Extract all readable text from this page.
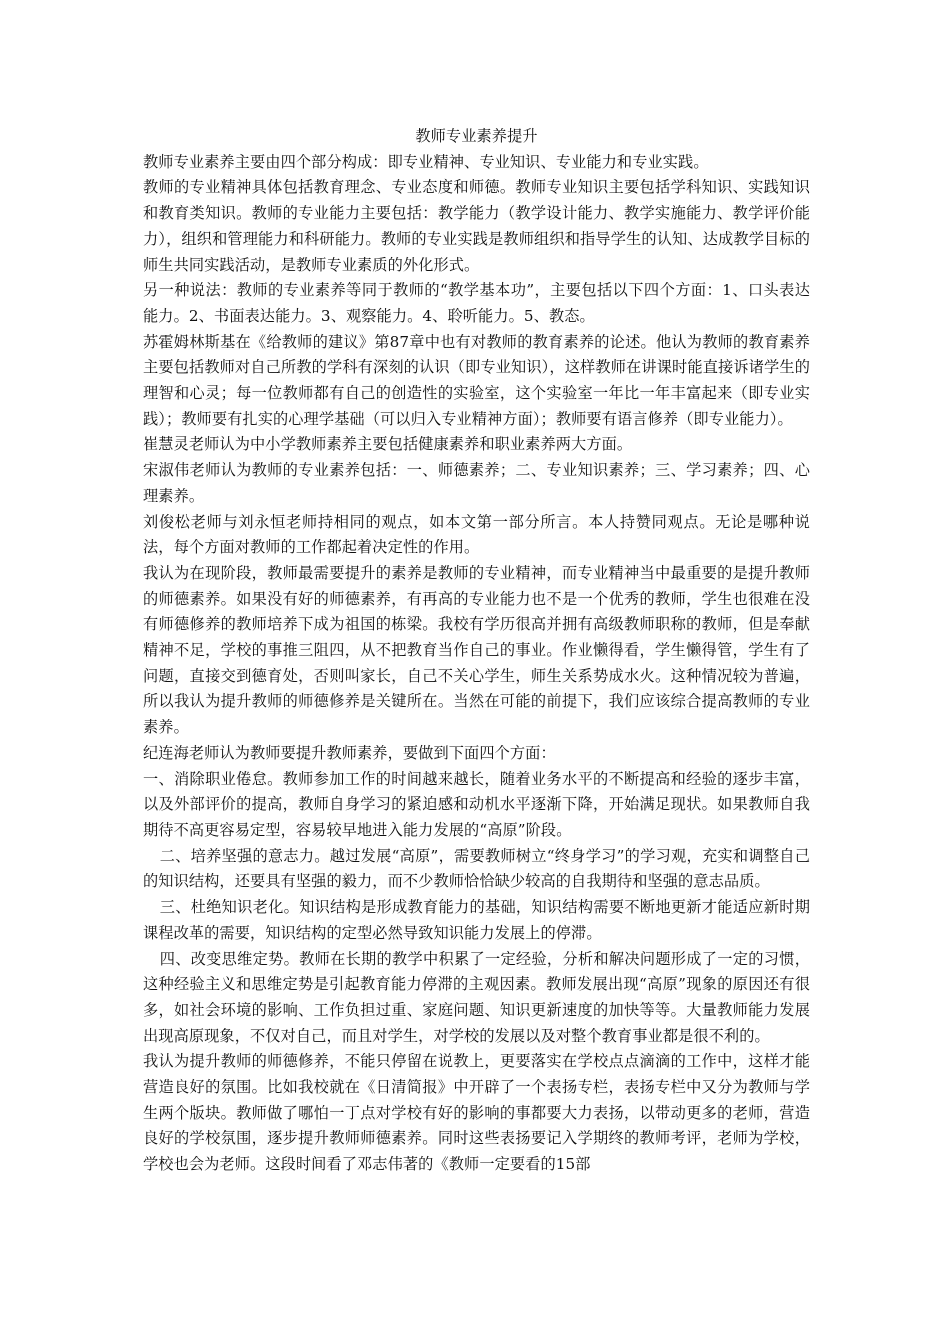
教师专业素养提升

教师专业素养主要由四个部分构成：即专业精神、专业知识、专业能力和专业实践。

教师的专业精神具体包括教育理念、专业态度和师德。教师专业知识主要包括学科知识、实践知识和教育类知识。教师的专业能力主要包括：教学能力（教学设计能力、教学实施能力、教学评价能力），组织和管理能力和科研能力。教师的专业实践是教师组织和指导学生的认知、达成教学目标的师生共同实践活动，是教师专业素质的外化形式。

另一种说法：教师的专业素养等同于教师的“教学基本功”，主要包括以下四个方面：1、口头表达能力。2、书面表达能力。3、观察能力。4、聆听能力。5、教态。

苏霍姆林斯基在《给教师的建议》第87章中也有对教师的教育素养的论述。他认为教师的教育素养主要包括教师对自己所教的学科有深刻的认识（即专业知识），这样教师在讲课时能直接诉诸学生的理智和心灵；每一位教师都有自己的创造性的实验室，这个实验室一年比一年丰富起来（即专业实践）；教师要有扎实的心理学基础（可以归入专业精神方面）；教师要有语言修养（即专业能力）。

崔慧灵老师认为中小学教师素养主要包括健康素养和职业素养两大方面。

宋淑伟老师认为教师的专业素养包括：一、师德素养；二、专业知识素养；三、学习素养；四、心理素养。

刘俊松老师与刘永恒老师持相同的观点，如本文第一部分所言。本人持赞同观点。无论是哪种说法，每个方面对教师的工作都起着决定性的作用。

我认为在现阶段，教师最需要提升的素养是教师的专业精神，而专业精神当中最重要的是提升教师的师德素养。如果没有好的师德素养，有再高的专业能力也不是一个优秀的教师，学生也很难在没有师德修养的教师培养下成为祖国的栋梁。我校有学历很高并拥有高级教师职称的教师，但是奉献精神不足，学校的事推三阻四，从不把教育当作自己的事业。作业懒得看，学生懒得管，学生有了问题，直接交到德育处，否则叫家长，自己不关心学生，师生关系势成水火。这种情况较为普遍，所以我认为提升教师的师德修养是关键所在。当然在可能的前提下，我们应该综合提高教师的专业素养。

纪连海老师认为教师要提升教师素养，要做到下面四个方面：

一、消除职业倦怠。教师参加工作的时间越来越长，随着业务水平的不断提高和经验的逐步丰富，以及外部评价的提高，教师自身学习的紧迫感和动机水平逐渐下降，开始满足现状。如果教师自我期待不高更容易定型，容易较早地进入能力发展的“高原”阶段。

二、培养坚强的意志力。越过发展“高原”，需要教师树立“终身学习”的学习观，充实和调整自己的知识结构，还要具有坚强的毅力，而不少教师恰恰缺少较高的自我期待和坚强的意志品质。

三、杜绝知识老化。知识结构是形成教育能力的基础，知识结构需要不断地更新才能适应新时期课程改革的需要，知识结构的定型必然导致知识能力发展上的停滞。

四、改变思维定势。教师在长期的教学中积累了一定经验，分析和解决问题形成了一定的习惯，这种经验主义和思维定势是引起教育能力停滞的主观因素。教师发展出现“高原”现象的原因还有很多，如社会环境的影响、工作负担过重、家庭问题、知识更新速度的加快等等。大量教师能力发展出现高原现象，不仅对自己，而且对学生，对学校的发展以及对整个教育事业都是很不利的。

我认为提升教师的师德修养，不能只停留在说教上，更要落实在学校点点滴滴的工作中，这样才能营造良好的氛围。比如我校就在《日清简报》中开辟了一个表扬专栏，表扬专栏中又分为教师与学生两个版块。教师做了哪怕一丁点对学校有好的影响的事都要大力表扬，以带动更多的老师，营造良好的学校氛围，逐步提升教师师德素养。同时这些表扬要记入学期终的教师考评，老师为学校，学校也会为老师。这段时间看了邓志伟著的《教师一定要看的15部
